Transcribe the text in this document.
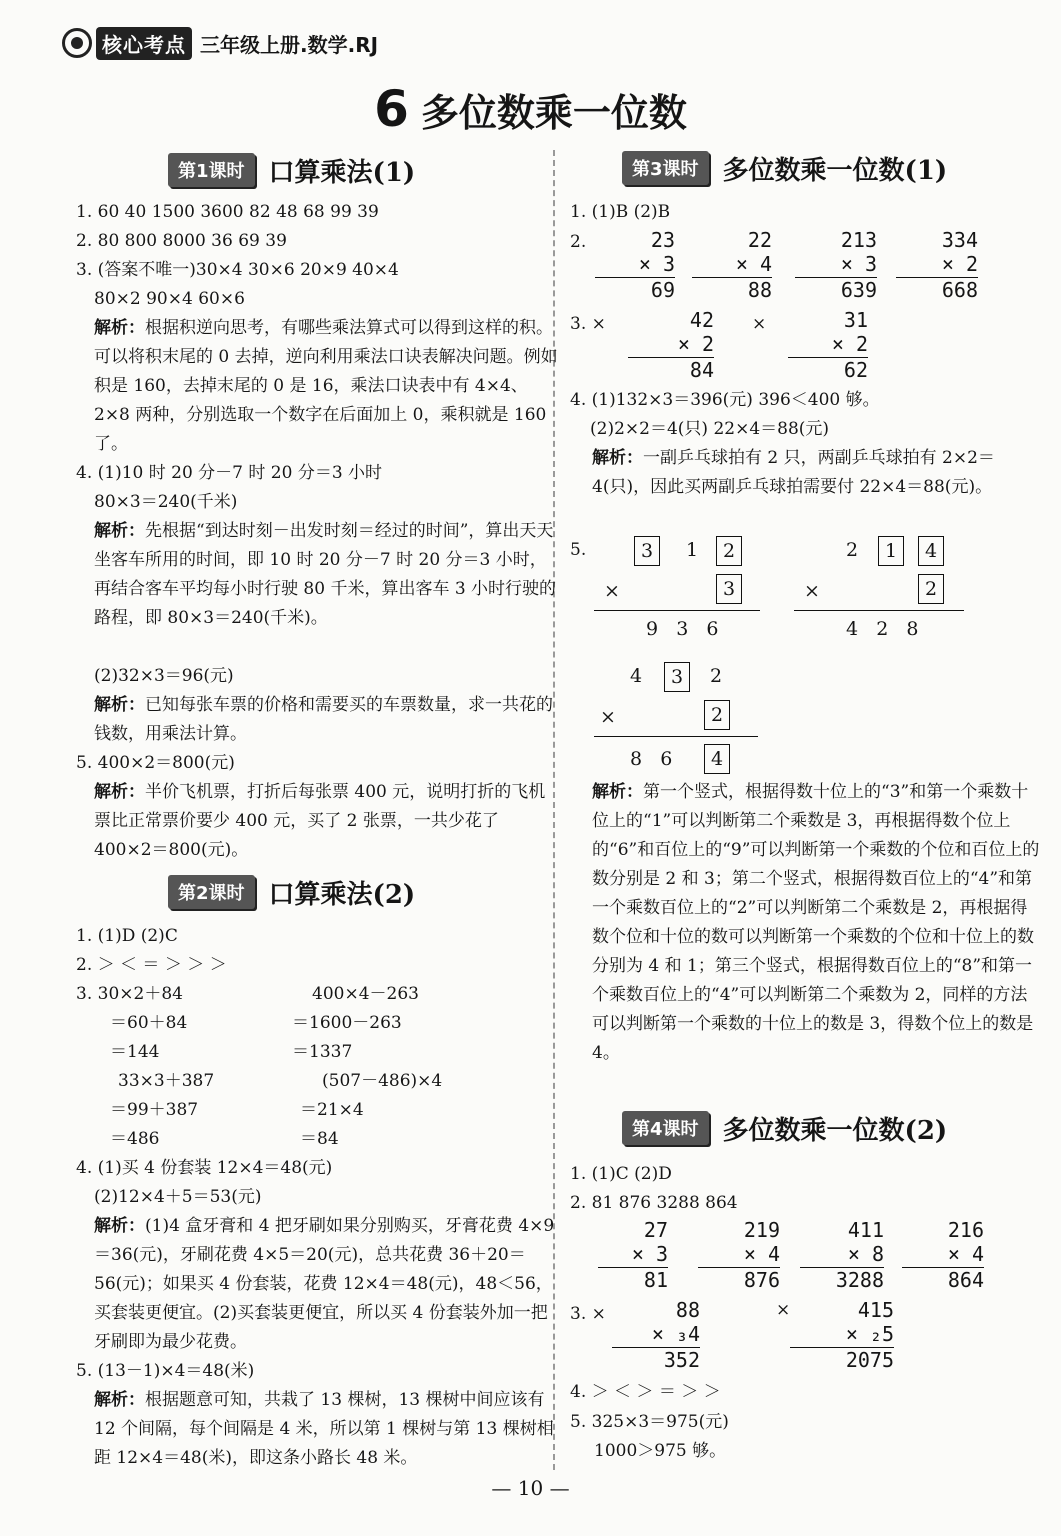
核心考点 三年级上册.数学.RJ
6 多位数乘一位数
第1课时 口算乘法(1)
1. 60 40 1500 3600 82 48 68 99 39
2. 80 800 8000 36 69 39
3. (答案不唯一)30×4 30×6 20×9 40×4
80×2 90×4 60×6
解析：根据积逆向思考，有哪些乘法算式可以得到这样的积。可以将积末尾的 0 去掉，逆向利用乘法口诀表解决问题。例如积是 160，去掉末尾的 0 是 16，乘法口诀表中有 4×4、2×8 两种，分别选取一个数字在后面加上 0，乘积就是 160 了。
4. (1)10 时 20 分－7 时 20 分＝3 小时
80×3＝240(千米)
解析：先根据“到达时刻－出发时刻＝经过的时间”，算出天天坐客车所用的时间，即 10 时 20 分－7 时 20 分＝3 小时，再结合客车平均每小时行驶 80 千米，算出客车 3 小时行驶的路程，即 80×3＝240(千米)。
(2)32×3＝96(元)
解析：已知每张车票的价格和需要买的车票数量，求一共花的钱数，用乘法计算。
5. 400×2＝800(元)
解析：半价飞机票，打折后每张票 400 元，说明打折的飞机票比正常票价要少 400 元，买了 2 张票，一共少花了 400×2＝800(元)。
第2课时 口算乘法(2)
1. (1)D (2)C
2. ＞ ＜ ＝ ＞ ＞ ＞
3. 30×2＋84
＝60＋84
＝144
33×3＋387
＝99＋387
＝486
400×4－263
＝1600－263
＝1337
(507－486)×4
＝21×4
＝84
4. (1)买 4 份套装 12×4＝48(元)
(2)12×4＋5＝53(元)
解析：(1)4 盒牙膏和 4 把牙刷如果分别购买，牙膏花费 4×9＝36(元)，牙刷花费 4×5＝20(元)，总共花费 36＋20＝56(元)；如果买 4 份套装，花费 12×4＝48(元)，48＜56，买套装更便宜。(2)买套装更便宜，所以买 4 份套装外加一把牙刷即为最少花费。
5. (13－1)×4＝48(米)
解析：根据题意可知，共栽了 13 棵树，13 棵树中间应该有 12 个间隔，每个间隔是 4 米，所以第 1 棵树与第 13 棵树相距 12×4＝48(米)，即这条小路长 48 米。
第3课时 多位数乘一位数(1)
1. (1)B (2)B
2.	23
× 3
69
22
× 4
88
213
× 3
639
334
× 2
668
3. ×	42
× 2
84
×	31
× 2
62
4. (1)132×3＝396(元) 396＜400 够。
(2)2×2＝4(只) 22×4＝88(元)
解析：一副乒乓球拍有 2 只，两副乒乓球拍有 2×2＝4(只)，因此买两副乒乓球拍需要付 22×4＝88(元)。
5.	3	1	2
×	3
9   3   6
2	1	4
×	2
4   2   8
4	3	2
×	2
8   6	4
解析：第一个竖式，根据得数十位上的“3”和第一个乘数十位上的“1”可以判断第二个乘数是 3，再根据得数个位上的“6”和百位上的“9”可以判断第一个乘数的个位和百位上的数分别是 2 和 3；第二个竖式，根据得数百位上的“4”和第一个乘数百位上的“2”可以判断第二个乘数是 2，再根据得数个位和十位的数可以判断第一个乘数的个位和十位上的数分别为 4 和 1；第三个竖式，根据得数百位上的“8”和第一个乘数百位上的“4”可以判断第二个乘数为 2，同样的方法可以判断第一个乘数的十位上的数是 3，得数个位上的数是 4。
第4课时 多位数乘一位数(2)
1. (1)C (2)D
2. 81 876 3288 864
27
× 3
81
219
× 4
876
411
× 8
3288
216
× 4
864
3. ×	88
× ₃4
352
×	415
× ₂5
2075
4. ＞ ＜ ＞ ＝ ＞ ＞
5. 325×3＝975(元)
1000＞975 够。
— 10 —
